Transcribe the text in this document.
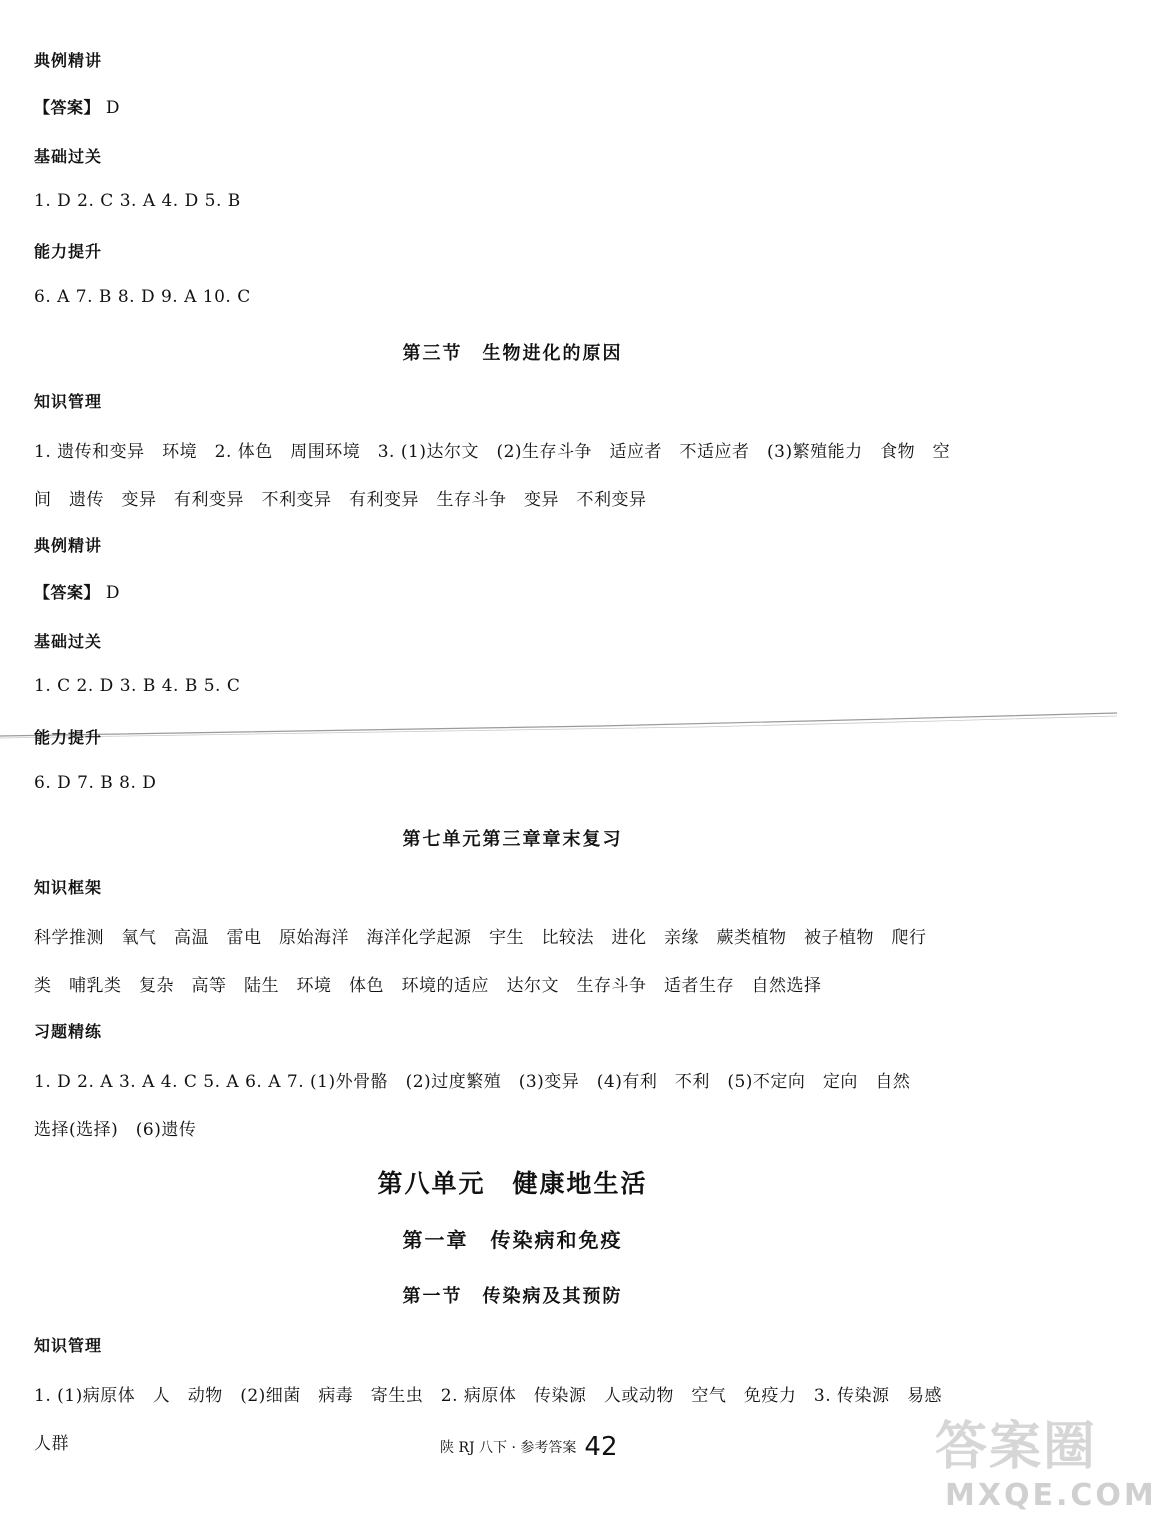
典例精讲
【答案】 D
基础过关
1. D 2. C 3. A 4. D 5. B
能力提升
6. A 7. B 8. D 9. A 10. C
第三节　生物进化的原因
知识管理
1. 遗传和变异　环境　2. 体色　周围环境　3. (1)达尔文　(2)生存斗争　适应者　不适应者　(3)繁殖能力　食物　空
间　遗传　变异　有利变异　不利变异　有利变异　生存斗争　变异　不利变异
典例精讲
【答案】 D
基础过关
1. C 2. D 3. B 4. B 5. C
能力提升
6. D 7. B 8. D
第七单元第三章章末复习
知识框架
科学推测　氧气　高温　雷电　原始海洋　海洋化学起源　宇生　比较法　进化　亲缘　蕨类植物　被子植物　爬行
类　哺乳类　复杂　高等　陆生　环境　体色　环境的适应　达尔文　生存斗争　适者生存　自然选择
习题精练
1. D 2. A 3. A 4. C 5. A 6. A 7. (1)外骨骼　(2)过度繁殖　(3)变异　(4)有利　不利　(5)不定向　定向　自然
选择(选择)　(6)遗传
第八单元　健康地生活
第一章　传染病和免疫
第一节　传染病及其预防
知识管理
1. (1)病原体　人　动物　(2)细菌　病毒　寄生虫　2. 病原体　传染源　人或动物　空气　免疫力　3. 传染源　易感
人群	陕 RJ 八下 · 参考答案 42	答案圈
MXQE.COM
